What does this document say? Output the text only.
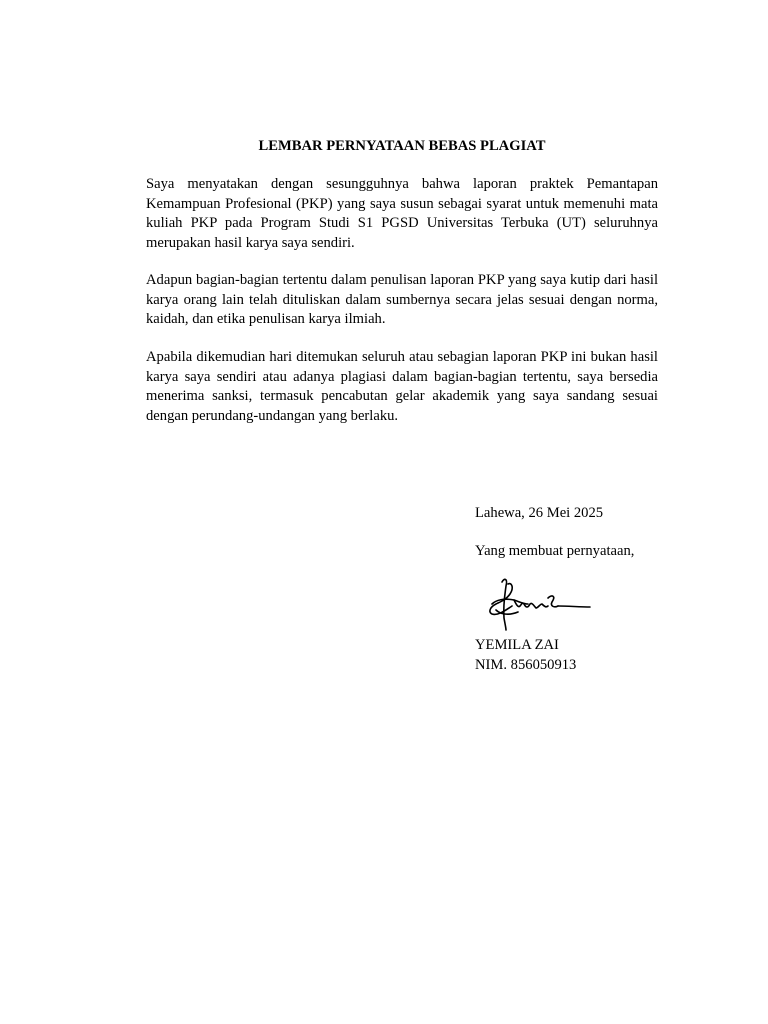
LEMBAR PERNYATAAN BEBAS PLAGIAT

Saya menyatakan dengan sesungguhnya bahwa laporan praktek Pemantapan Kemampuan Profesional (PKP) yang saya susun sebagai syarat untuk memenuhi mata kuliah PKP pada Program Studi S1 PGSD Universitas Terbuka (UT) seluruhnya merupakan hasil karya saya sendiri.

Adapun bagian-bagian tertentu dalam penulisan laporan PKP yang saya kutip dari hasil karya orang lain telah dituliskan dalam sumbernya secara jelas sesuai dengan norma, kaidah, dan etika penulisan karya ilmiah.

Apabila dikemudian hari ditemukan seluruh atau sebagian laporan PKP ini bukan hasil karya saya sendiri atau adanya plagiasi dalam bagian-bagian tertentu, saya bersedia menerima sanksi, termasuk pencabutan gelar akademik yang saya sandang sesuai dengan perundang-undangan yang berlaku.

Lahewa, 26 Mei 2025

Yang membuat pernyataan,

YEMILA ZAI

NIM. 856050913
